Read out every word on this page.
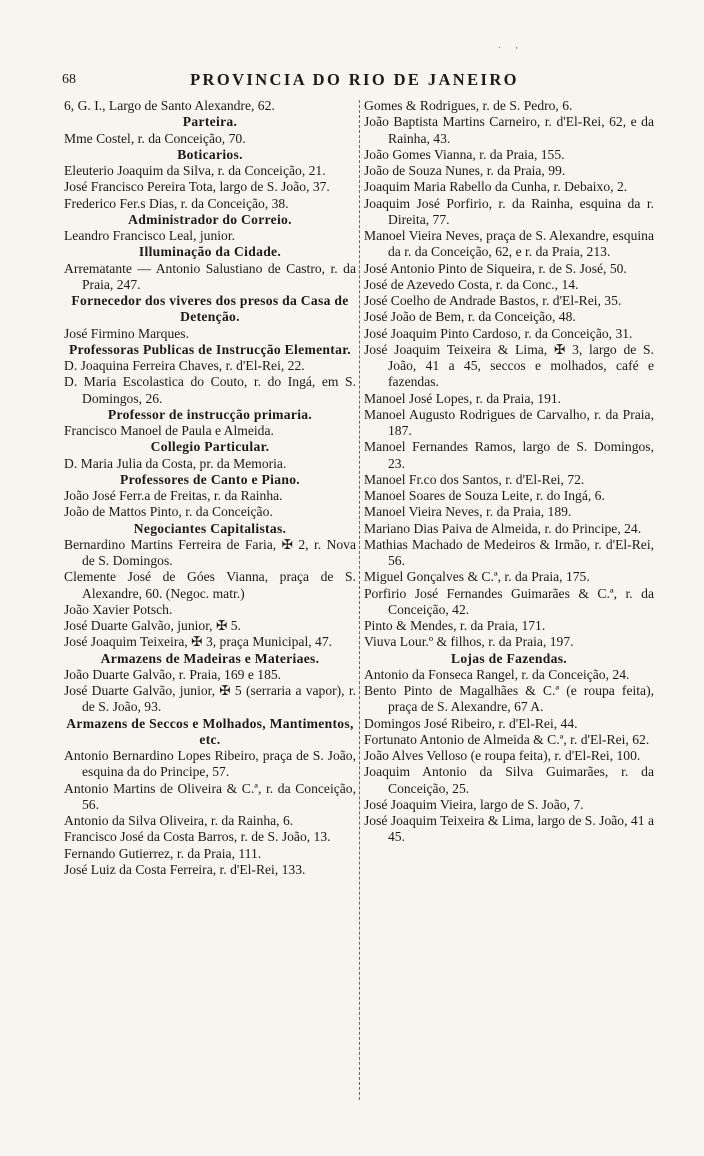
. ,
68	PROVINCIA DO RIO DE JANEIRO

6, G. I., Largo de Santo Alexandre, 62.

Parteira.

Mme Costel, r. da Conceição, 70.

Boticarios.

Eleuterio Joaquim da Silva, r. da Conceição, 21.

José Francisco Pereira Tota, largo de S. João, 37.

Frederico Fer.s Dias, r. da Conceição, 38.

Administrador do Correio.

Leandro Francisco Leal, junior.

Illuminação da Cidade.

Arrematante — Antonio Salustiano de Castro, r. da Praia, 247.

Fornecedor dos viveres dos presos da Casa de Detenção.

José Firmino Marques.

Professoras Publicas de Instrucção Elementar.

D. Joaquina Ferreira Chaves, r. d'El-Rei, 22.

D. Maria Escolastica do Couto, r. do Ingá, em S. Domingos, 26.

Professor de instrucção primaria.

Francisco Manoel de Paula e Almeida.

Collegio Particular.

D. Maria Julia da Costa, pr. da Memoria.

Professores de Canto e Piano.

João José Ferr.a de Freitas, r. da Rainha.

João de Mattos Pinto, r. da Conceição.

Negociantes Capitalistas.

Bernardino Martins Ferreira de Faria, ✠ 2, r. Nova de S. Domingos.

Clemente José de Góes Vianna, praça de S. Alexandre, 60. (Negoc. matr.)

João Xavier Potsch.

José Duarte Galvão, junior, ✠ 5.

José Joaquim Teixeira, ✠ 3, praça Municipal, 47.

Armazens de Madeiras e Materiaes.

João Duarte Galvão, r. Praia, 169 e 185.

José Duarte Galvão, junior, ✠ 5 (serraria a vapor), r. de S. João, 93.

Armazens de Seccos e Molhados, Mantimentos, etc.

Antonio Bernardino Lopes Ribeiro, praça de S. João, esquina da do Principe, 57.

Antonio Martins de Oliveira & C.ª, r. da Conceição, 56.

Antonio da Silva Oliveira, r. da Rainha, 6.

Francisco José da Costa Barros, r. de S. João, 13.

Fernando Gutierrez, r. da Praia, 111.

José Luiz da Costa Ferreira, r. d'El-Rei, 133.

Gomes & Rodrigues, r. de S. Pedro, 6.

João Baptista Martins Carneiro, r. d'El-Rei, 62, e da Rainha, 43.

João Gomes Vianna, r. da Praia, 155.

João de Souza Nunes, r. da Praia, 99.

Joaquim Maria Rabello da Cunha, r. Debaixo, 2.

Joaquim José Porfirio, r. da Rainha, esquina da r. Direita, 77.

Manoel Vieira Neves, praça de S. Alexandre, esquina da r. da Conceição, 62, e r. da Praia, 213.

José Antonio Pinto de Siqueira, r. de S. José, 50.

José de Azevedo Costa, r. da Conc., 14.

José Coelho de Andrade Bastos, r. d'El-Rei, 35.

José João de Bem, r. da Conceição, 48.

José Joaquim Pinto Cardoso, r. da Conceição, 31.

José Joaquim Teixeira & Lima, ✠ 3, largo de S. João, 41 a 45, seccos e molhados, café e fazendas.

Manoel José Lopes, r. da Praia, 191.

Manoel Augusto Rodrigues de Carvalho, r. da Praia, 187.

Manoel Fernandes Ramos, largo de S. Domingos, 23.

Manoel Fr.co dos Santos, r. d'El-Rei, 72.

Manoel Soares de Souza Leite, r. do Ingá, 6.

Manoel Vieira Neves, r. da Praia, 189.

Mariano Dias Paiva de Almeida, r. do Principe, 24.

Mathias Machado de Medeiros & Irmão, r. d'El-Rei, 56.

Miguel Gonçalves & C.ª, r. da Praia, 175.

Porfirio José Fernandes Guimarães & C.ª, r. da Conceição, 42.

Pinto & Mendes, r. da Praia, 171.

Viuva Lour.º & filhos, r. da Praia, 197.

Lojas de Fazendas.

Antonio da Fonseca Rangel, r. da Conceição, 24.

Bento Pinto de Magalhães & C.ª (e roupa feita), praça de S. Alexandre, 67 A.

Domingos José Ribeiro, r. d'El-Rei, 44.

Fortunato Antonio de Almeida & C.ª, r. d'El-Rei, 62.

João Alves Velloso (e roupa feita), r. d'El-Rei, 100.

Joaquim Antonio da Silva Guimarães, r. da Conceição, 25.

José Joaquim Vieira, largo de S. João, 7.

José Joaquim Teixeira & Lima, largo de S. João, 41 a 45.
